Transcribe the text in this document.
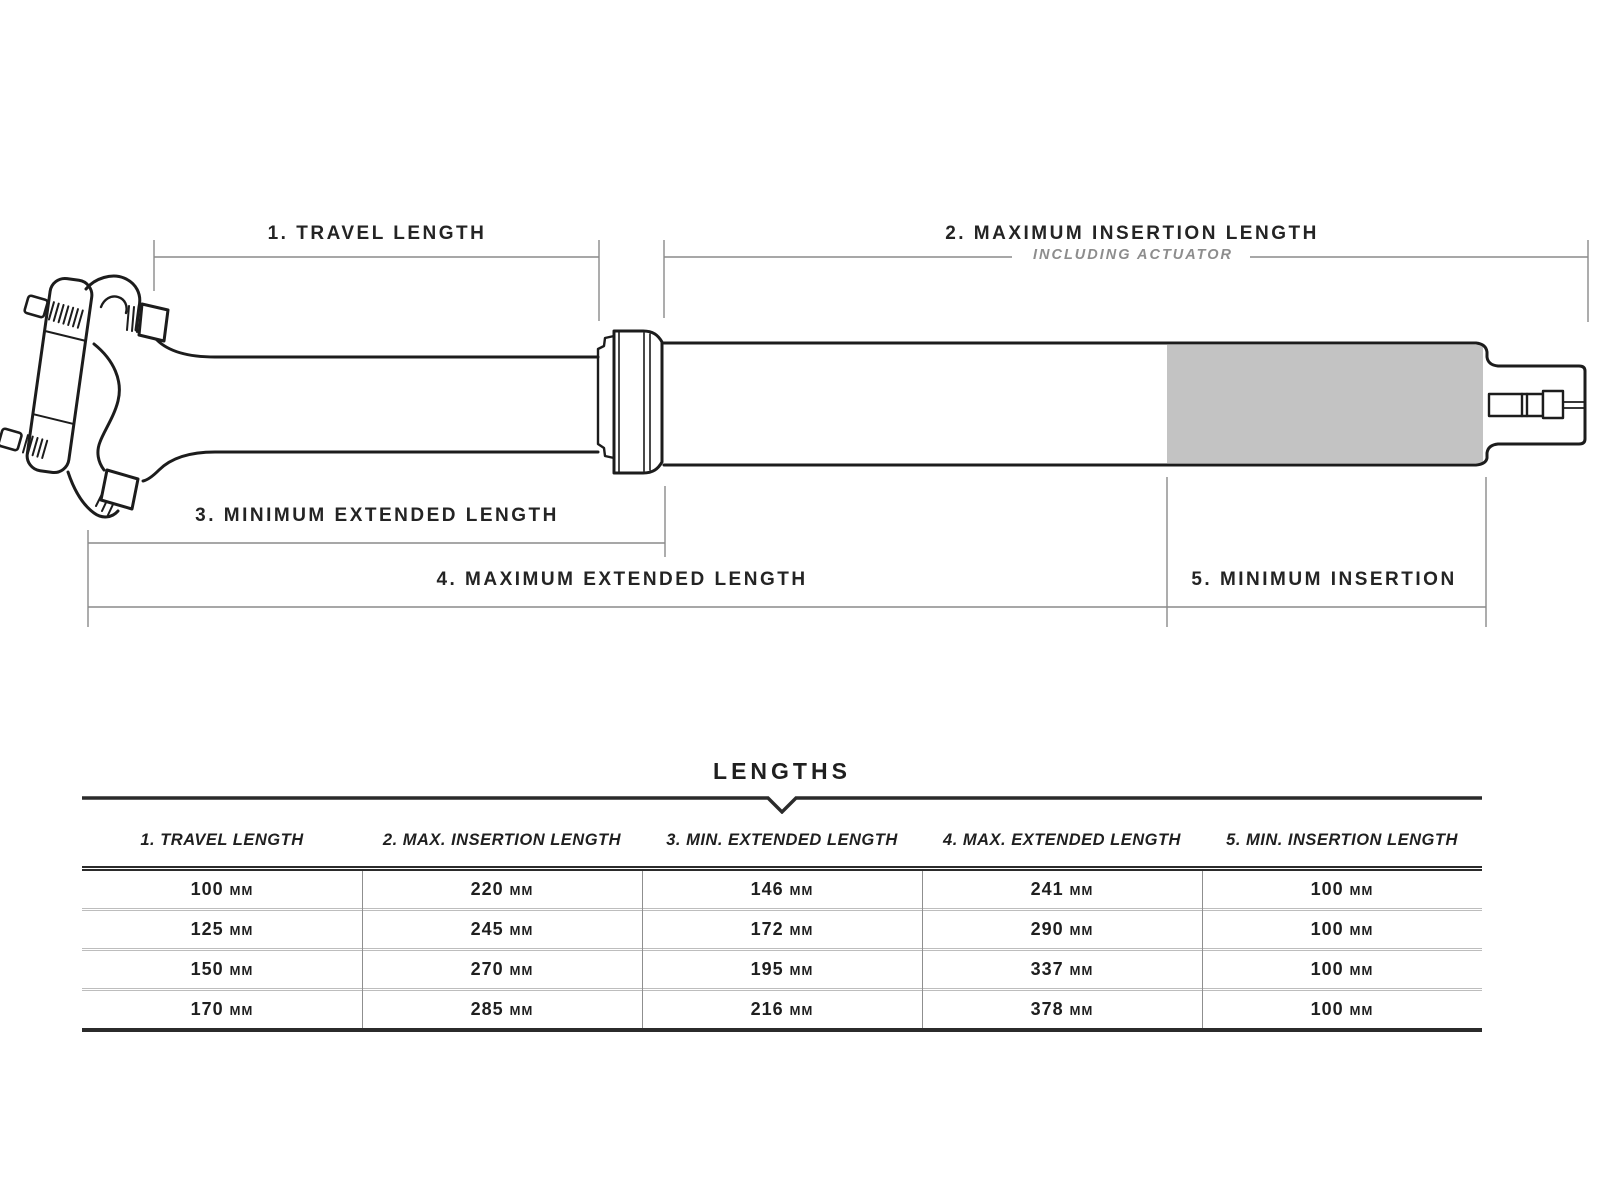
1. TRAVEL LENGTH	2. MAXIMUM INSERTION LENGTH
INCLUDING ACTUATOR
3. MINIMUM EXTENDED LENGTH
4. MAXIMUM EXTENDED LENGTH	5. MINIMUM INSERTION
LENGTHS
1. TRAVEL LENGTH	2. MAX. INSERTION LENGTH	3. MIN. EXTENDED LENGTH	4. MAX. EXTENDED LENGTH	5. MIN. INSERTION LENGTH
100 mm	220 mm	146 mm	241 mm	100 mm
125 mm	245 mm	172 mm	290 mm	100 mm
150 mm	270 mm	195 mm	337 mm	100 mm
170 mm	285 mm	216 mm	378 mm	100 mm
